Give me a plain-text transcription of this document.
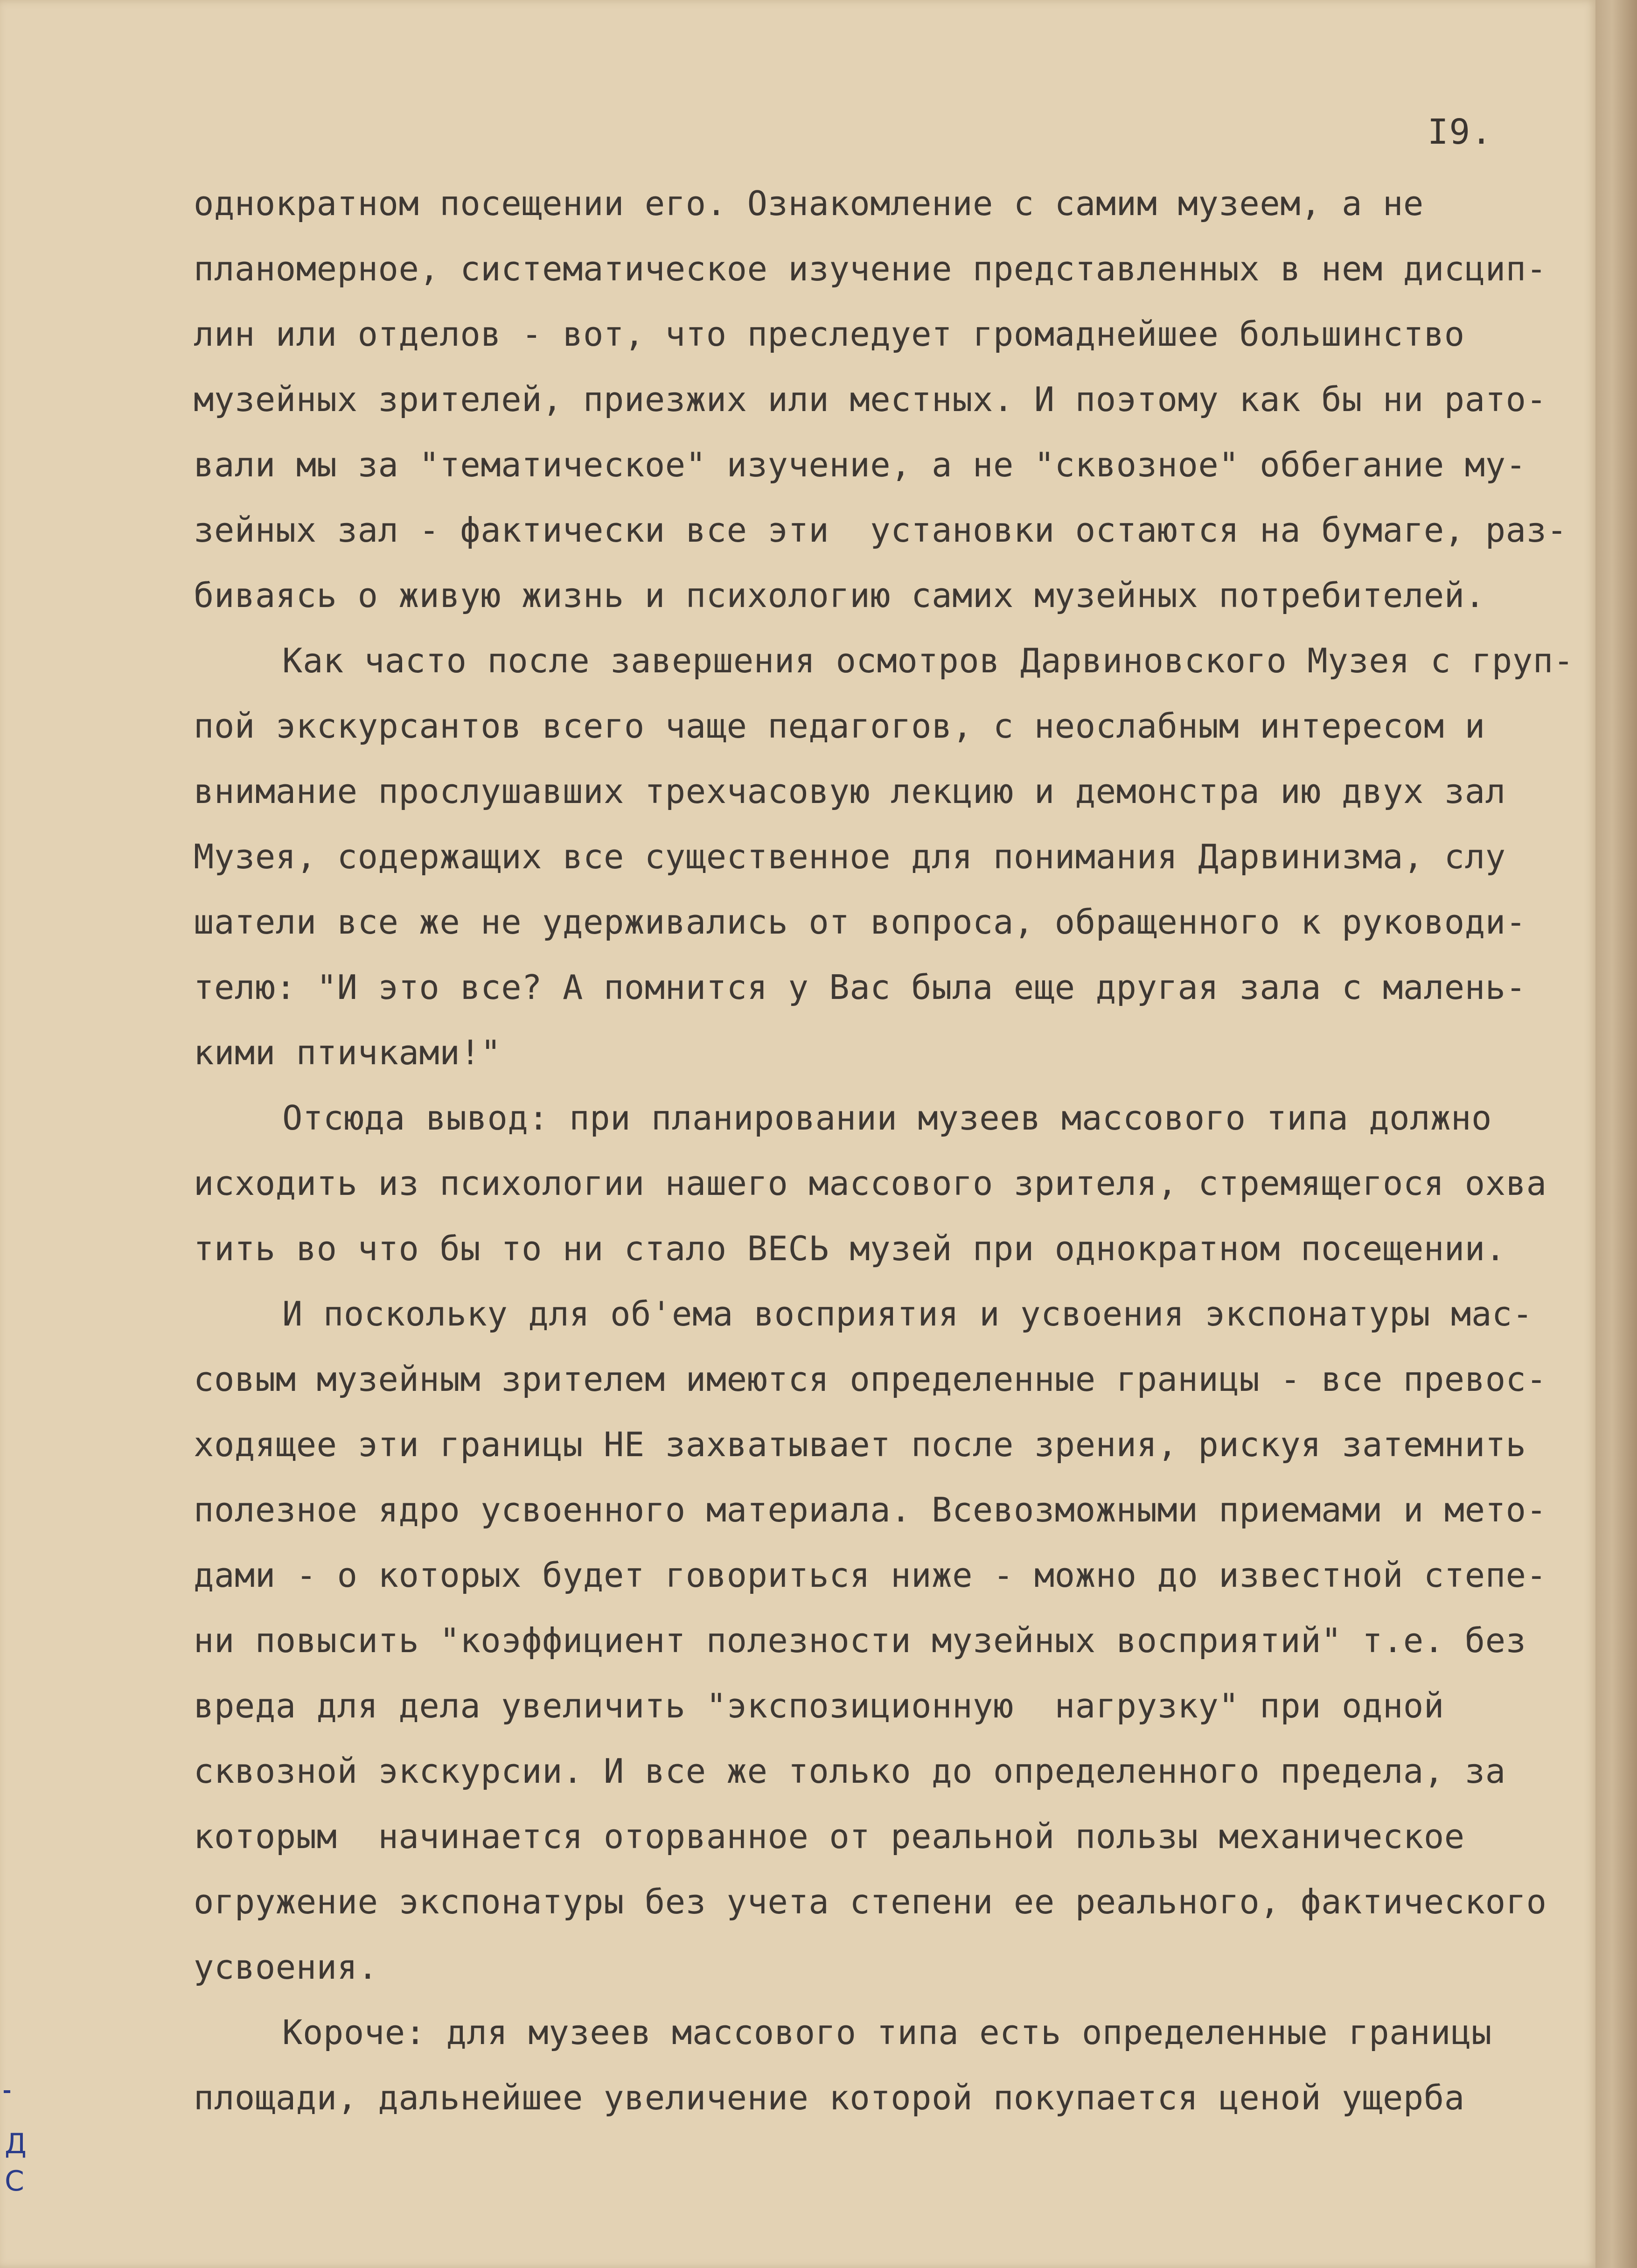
I9.
однократном посещении его. Ознакомление с самим музеем, а не
планомерное, систематическое изучение представленных в нем дисцип-
лин или отделов - вот, что преследует громаднейшее большинство
музейных зрителей, приезжих или местных. И поэтому как бы ни рато-
вали мы за "тематическое" изучение, а не "сквозное" оббегание му-
зейных зал - фактически все эти  установки остаются на бумаге, раз-
биваясь о живую жизнь и психологию самих музейных потребителей.
Как часто после завершения осмотров Дарвиновского Музея с груп-
пой экскурсантов всего чаще педагогов, с неослабным интересом и
внимание прослушавших трехчасовую лекцию и демонстра ию двух зал
Музея, содержащих все существенное для понимания Дарвинизма, слу
шатели все же не удерживались от вопроса, обращенного к руководи-
телю: "И это все? А помнится у Вас была еще другая зала с малень-
кими птичками!"
Отсюда вывод: при планировании музеев массового типа должно
исходить из психологии нашего массового зрителя, стремящегося охва
тить во что бы то ни стало ВЕСЬ музей при однократном посещении.
И поскольку для об'ема восприятия и усвоения экспонатуры мас-
совым музейным зрителем имеются определенные границы - все превос-
ходящее эти границы НЕ захватывает после зрения, рискуя затемнить
полезное ядро усвоенного материала. Всевозможными приемами и мето-
дами - о которых будет говориться ниже - можно до известной степе-
ни повысить "коэффициент полезности музейных восприятий" т.е. без
вреда для дела увеличить "экспозиционную  нагрузку" при одной
сквозной экскурсии. И все же только до определенного предела, за
которым  начинается оторванное от реальной пользы механическое
огружение экспонатуры без учета степени ее реального, фактического
усвоения.
Короче: для музеев массового типа есть определенные границы
площади, дальнейшее увеличение которой покупается ценой ущерба
Д
С
